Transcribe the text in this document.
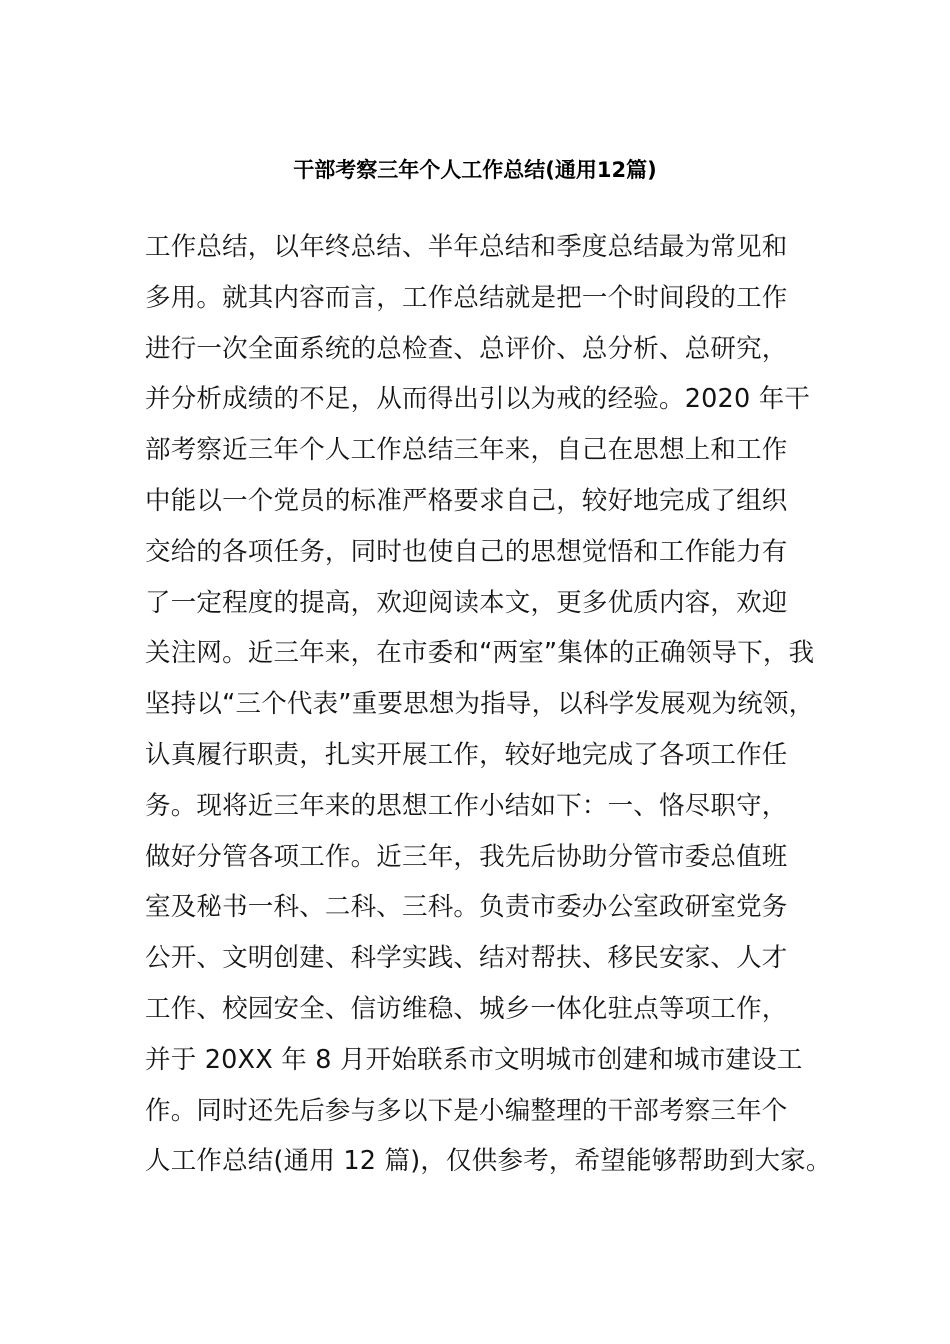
干部考察三年个人工作总结(通用12篇)
工作总结，以年终总结、半年总结和季度总结最为常见和
多用。就其内容而言，工作总结就是把一个时间段的工作
进行一次全面系统的总检查、总评价、总分析、总研究，
并分析成绩的不足，从而得出引以为戒的经验。2020 年干
部考察近三年个人工作总结三年来，自己在思想上和工作
中能以一个党员的标准严格要求自己，较好地完成了组织
交给的各项任务，同时也使自己的思想觉悟和工作能力有
了一定程度的提高，欢迎阅读本文，更多优质内容，欢迎
关注网。近三年来，在市委和“两室”集体的正确领导下，我
坚持以“三个代表”重要思想为指导，以科学发展观为统领，
认真履行职责，扎实开展工作，较好地完成了各项工作任
务。现将近三年来的思想工作小结如下：一、恪尽职守，
做好分管各项工作。近三年，我先后协助分管市委总值班
室及秘书一科、二科、三科。负责市委办公室政研室党务
公开、文明创建、科学实践、结对帮扶、移民安家、人才
工作、校园安全、信访维稳、城乡一体化驻点等项工作，
并于 20XX 年 8 月开始联系市文明城市创建和城市建设工
作。同时还先后参与多以下是小编整理的干部考察三年个
人工作总结(通用 12 篇)，仅供参考，希望能够帮助到大家。
